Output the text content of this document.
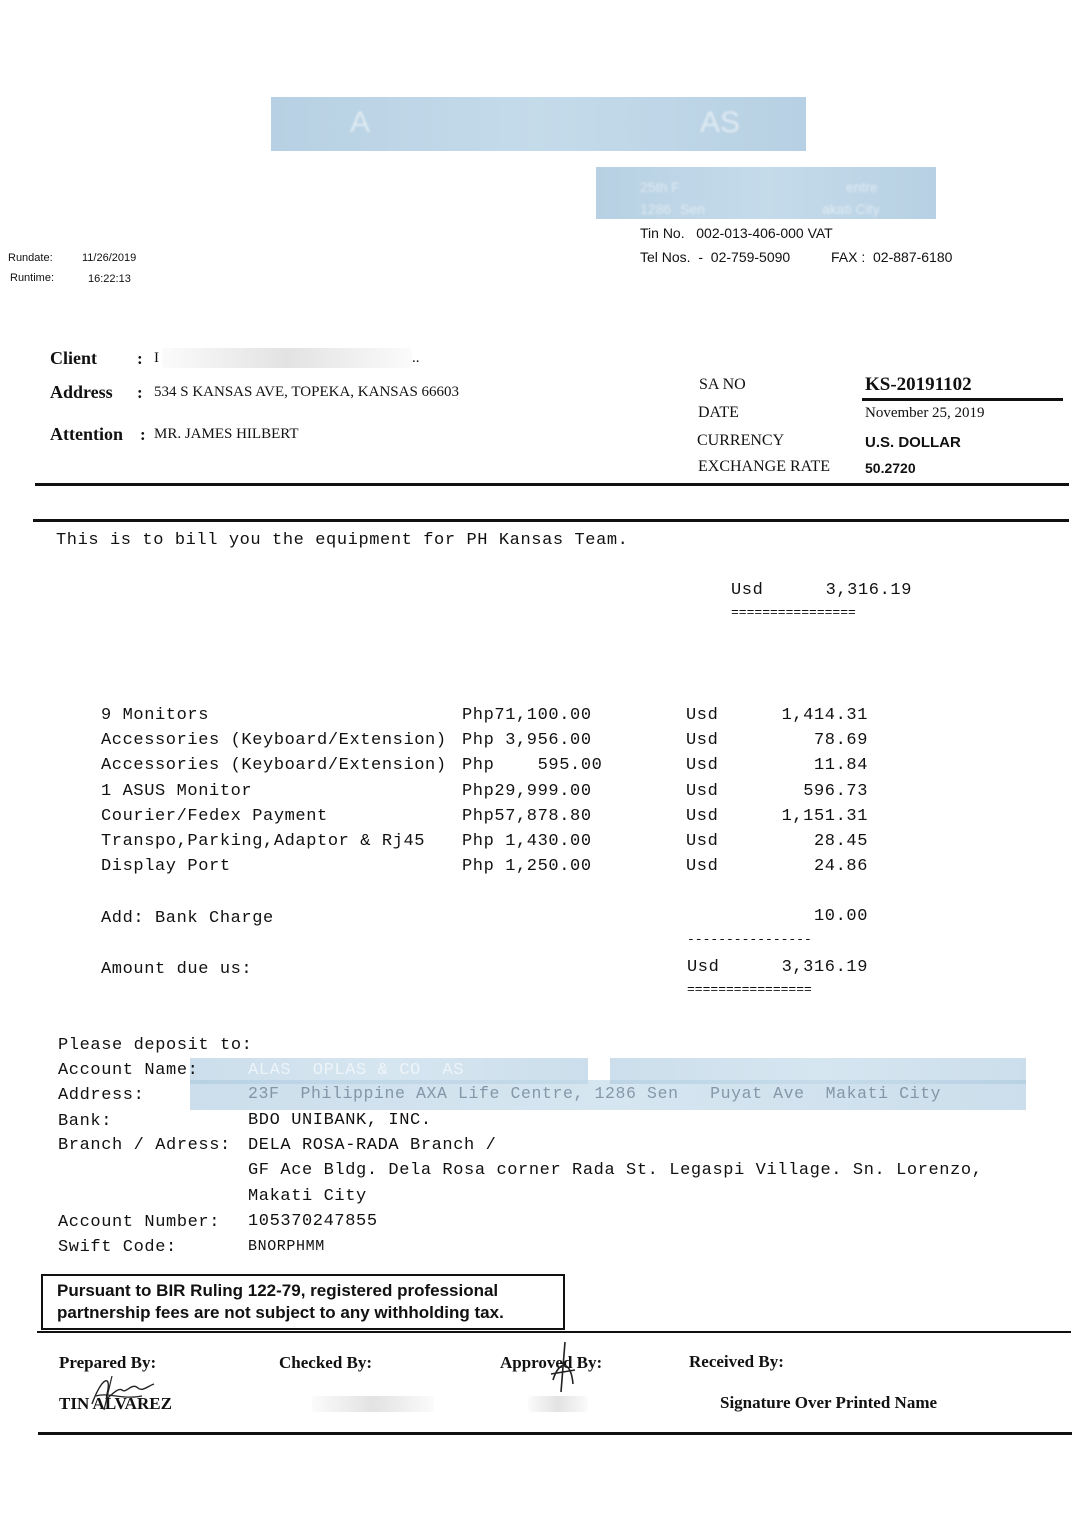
A	AS
25th F	entre
1286 Sen	akati City
Tin No.   002-013-406-000 VAT
Tel Nos.  -  02-759-5090	FAX :  02-887-6180
Rundate:	11/26/2019
Runtime:	16:22:13
Client : I	..
Address : 534 S KANSAS AVE, TOPEKA, KANSAS 66603
Attention : MR. JAMES HILBERT
SA NO	KS-20191102
DATE	November 25, 2019
CURRENCY	U.S. DOLLAR
EXCHANGE RATE	50.2720
This is to bill you the equipment for PH Kansas Team.
Usd	3,316.19
================
9 Monitors	Php71,100.00	Usd	1,414.31
Accessories (Keyboard/Extension) Php 3,956.00	Usd	78.69
Accessories (Keyboard/Extension) Php    595.00	Usd	11.84
1 ASUS Monitor	Php29,999.00	Usd	596.73
Courier/Fedex Payment	Php57,878.80	Usd	1,151.31
Transpo,Parking,Adaptor & Rj45 Php 1,430.00	Usd	28.45
Display Port	Php 1,250.00	Usd	24.86
Add: Bank Charge	10.00
----------------
Amount due us:	Usd	3,316.19
================
Please deposit to:
Account Name:	ALAS  OPLAS & CO  AS
Address:	23F  Philippine AXA Life Centre, 1286 Sen   Puyat Ave  Makati City
Bank:	BDO UNIBANK, INC.
Branch / Adress: DELA ROSA-RADA Branch /
GF Ace Bldg. Dela Rosa corner Rada St. Legaspi Village. Sn. Lorenzo,
Makati City
Account Number: 105370247855
Swift Code:	BNORPHMM
Pursuant to BIR Ruling 122-79, registered professional
partnership fees are not subject to any withholding tax.
Prepared By:
TIN ALVAREZ
Checked By:	Approved By:	Received By:
Signature Over Printed Name
